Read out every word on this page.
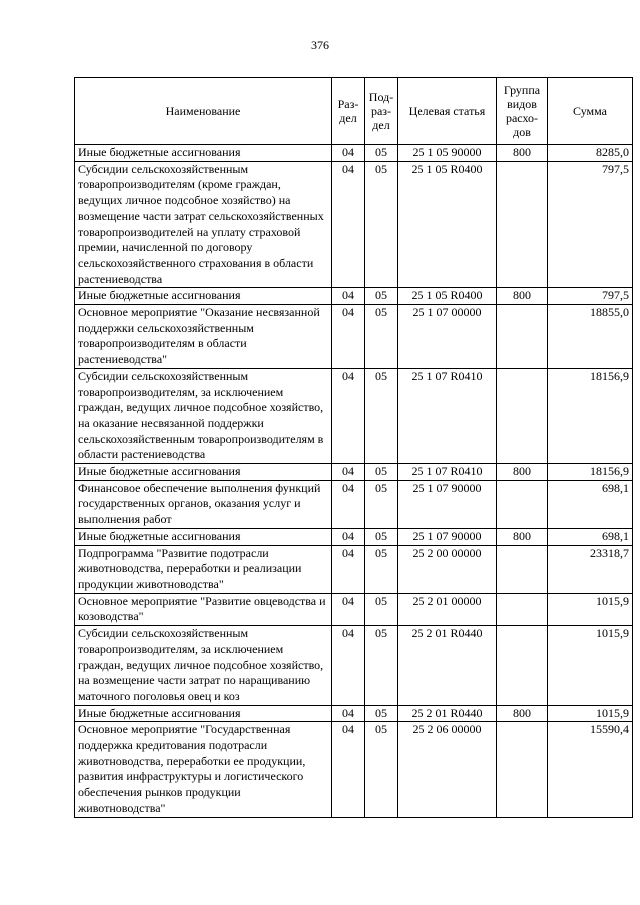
376
Наименование	Раз-дел	Под-раз-дел	Целевая статья	Группа видов расхо-дов	Сумма
Иные бюджетные ассигнования	04	05	25 1 05 90000	800	8285,0
Субсидии сельскохозяйственным товаропроизводителям (кроме граждан, ведущих личное подсобное хозяйство) на возмещение части затрат сельскохозяйственных товаропроизводителей на уплату страховой премии, начисленной по договору сельскохозяйственного страхования в области растениеводства	04	05	25 1 05 R0400		797,5
Иные бюджетные ассигнования	04	05	25 1 05 R0400	800	797,5
Основное мероприятие "Оказание несвязанной поддержки сельскохозяйственным товаропроизводителям в области растениеводства"	04	05	25 1 07 00000		18855,0
Субсидии сельскохозяйственным товаропроизводителям, за исключением граждан, ведущих личное подсобное хозяйство, на оказание несвязанной поддержки сельскохозяйственным товаропроизводителям в области растениеводства	04	05	25 1 07 R0410		18156,9
Иные бюджетные ассигнования	04	05	25 1 07 R0410	800	18156,9
Финансовое обеспечение выполнения функций государственных органов, оказания услуг и выполнения работ	04	05	25 1 07 90000		698,1
Иные бюджетные ассигнования	04	05	25 1 07 90000	800	698,1
Подпрограмма "Развитие подотрасли животноводства, переработки и реализации продукции животноводства"	04	05	25 2 00 00000		23318,7
Основное мероприятие "Развитие овцеводства и козоводства"	04	05	25 2 01 00000		1015,9
Субсидии сельскохозяйственным товаропроизводителям, за исключением граждан, ведущих личное подсобное хозяйство, на возмещение части затрат по наращиванию маточного поголовья овец и коз	04	05	25 2 01 R0440		1015,9
Иные бюджетные ассигнования	04	05	25 2 01 R0440	800	1015,9
Основное мероприятие "Государственная поддержка кредитования подотрасли животноводства, переработки ее продукции, развития инфраструктуры и логистического обеспечения рынков продукции животноводства"	04	05	25 2 06 00000		15590,4
